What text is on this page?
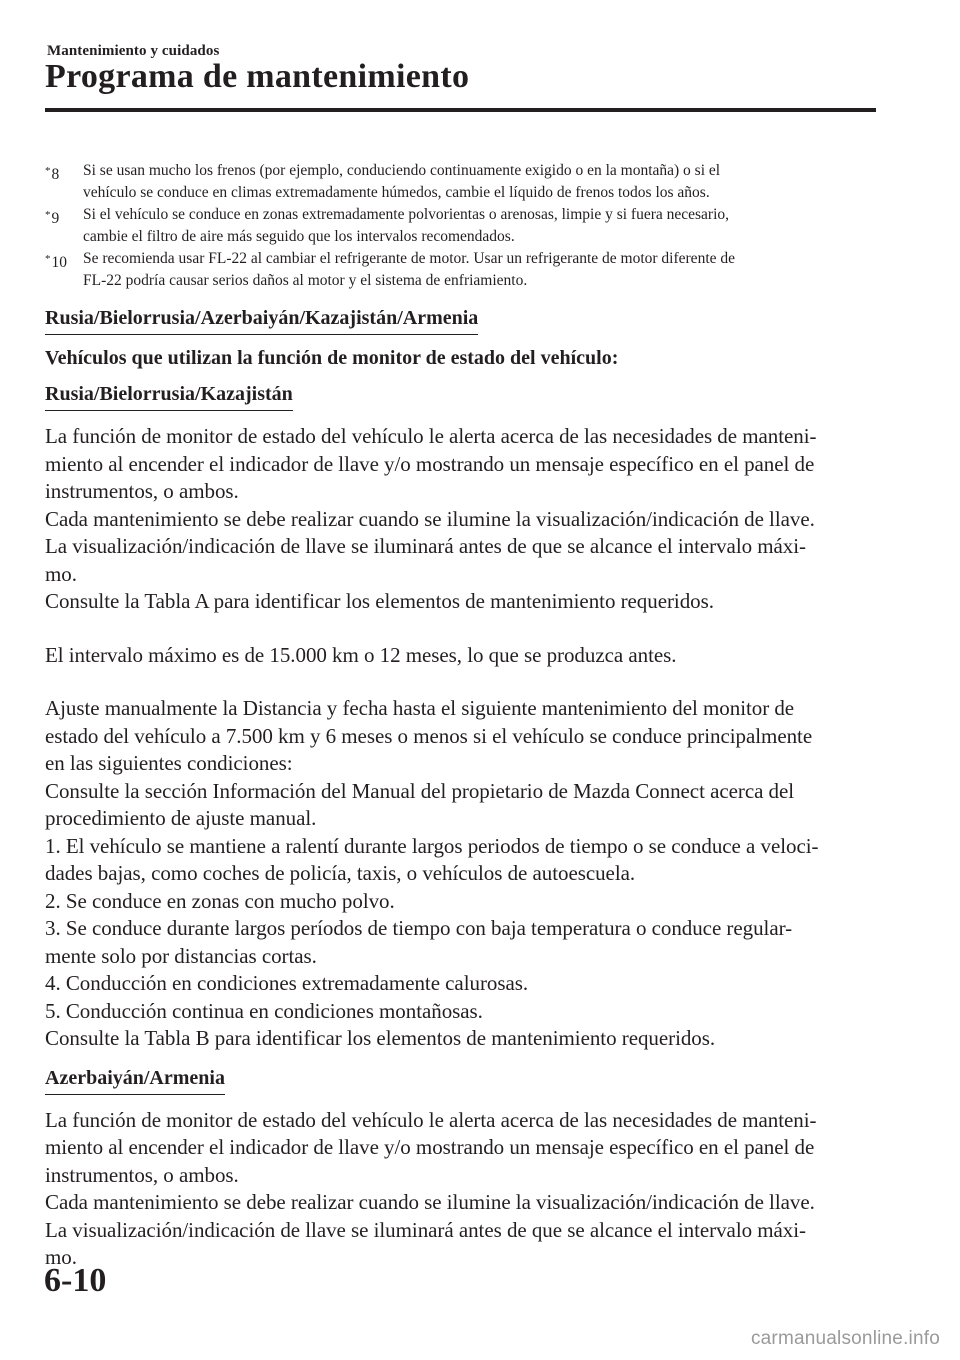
Mantenimiento y cuidados
Programa de mantenimiento
*8 Si se usan mucho los frenos (por ejemplo, conduciendo continuamente exigido o en la montaña) o si el
vehículo se conduce en climas extremadamente húmedos, cambie el líquido de frenos todos los años.
*9 Si el vehículo se conduce en zonas extremadamente polvorientas o arenosas, limpie y si fuera necesario,
cambie el filtro de aire más seguido que los intervalos recomendados.
*10 Se recomienda usar FL-22 al cambiar el refrigerante de motor. Usar un refrigerante de motor diferente de
FL-22 podría causar serios daños al motor y el sistema de enfriamiento.
Rusia/Bielorrusia/Azerbaiyán/Kazajistán/Armenia
Vehículos que utilizan la función de monitor de estado del vehículo:
Rusia/Bielorrusia/Kazajistán

La función de monitor de estado del vehículo le alerta acerca de las necesidades de manteni-

miento al encender el indicador de llave y/o mostrando un mensaje específico en el panel de

instrumentos, o ambos.

Cada mantenimiento se debe realizar cuando se ilumine la visualización/indicación de llave.

La visualización/indicación de llave se iluminará antes de que se alcance el intervalo máxi-

mo.

Consulte la Tabla A para identificar los elementos de mantenimiento requeridos.

El intervalo máximo es de 15.000 km o 12 meses, lo que se produzca antes.

Ajuste manualmente la Distancia y fecha hasta el siguiente mantenimiento del monitor de

estado del vehículo a 7.500 km y 6 meses o menos si el vehículo se conduce principalmente

en las siguientes condiciones:

Consulte la sección Información del Manual del propietario de Mazda Connect acerca del

procedimiento de ajuste manual.

1. El vehículo se mantiene a ralentí durante largos periodos de tiempo o se conduce a veloci-

dades bajas, como coches de policía, taxis, o vehículos de autoescuela.

2. Se conduce en zonas con mucho polvo.

3. Se conduce durante largos períodos de tiempo con baja temperatura o conduce regular-

mente solo por distancias cortas.

4. Conducción en condiciones extremadamente calurosas.

5. Conducción continua en condiciones montañosas.

Consulte la Tabla B para identificar los elementos de mantenimiento requeridos.

Azerbaiyán/Armenia

La función de monitor de estado del vehículo le alerta acerca de las necesidades de manteni-

miento al encender el indicador de llave y/o mostrando un mensaje específico en el panel de

instrumentos, o ambos.

Cada mantenimiento se debe realizar cuando se ilumine la visualización/indicación de llave.

La visualización/indicación de llave se iluminará antes de que se alcance el intervalo máxi-

mo.

6-10
carmanualsonline.info
